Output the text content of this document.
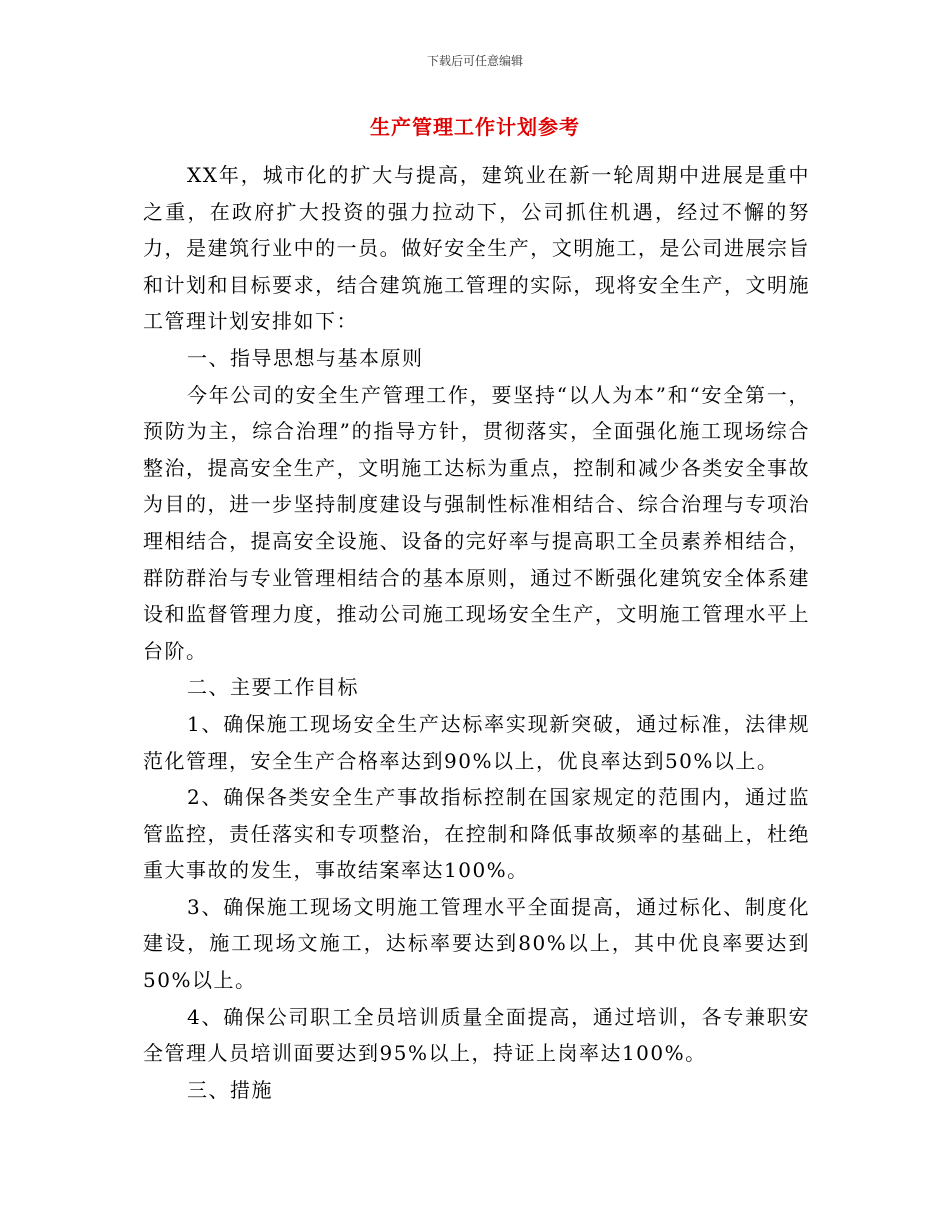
下载后可任意编辑
生产管理工作计划参考

XX年，城市化的扩大与提高，建筑业在新一轮周期中进展是重中之重，在政府扩大投资的强力拉动下，公司抓住机遇，经过不懈的努力，是建筑行业中的一员。做好安全生产，文明施工，是公司进展宗旨和计划和目标要求，结合建筑施工管理的实际，现将安全生产，文明施工管理计划安排如下：

一、指导思想与基本原则

今年公司的安全生产管理工作，要坚持“以人为本”和“安全第一，预防为主，综合治理”的指导方针，贯彻落实，全面强化施工现场综合整治，提高安全生产，文明施工达标为重点，控制和减少各类安全事故为目的，进一步坚持制度建设与强制性标准相结合、综合治理与专项治理相结合，提高安全设施、设备的完好率与提高职工全员素养相结合，群防群治与专业管理相结合的基本原则，通过不断强化建筑安全体系建设和监督管理力度，推动公司施工现场安全生产，文明施工管理水平上台阶。

二、主要工作目标

1、确保施工现场安全生产达标率实现新突破，通过标准，法律规范化管理，安全生产合格率达到90%以上，优良率达到50%以上。

2、确保各类安全生产事故指标控制在国家规定的范围内，通过监管监控，责任落实和专项整治，在控制和降低事故频率的基础上，杜绝重大事故的发生，事故结案率达100%。

3、确保施工现场文明施工管理水平全面提高，通过标化、制度化建设，施工现场文施工，达标率要达到80%以上，其中优良率要达到50%以上。

4、确保公司职工全员培训质量全面提高，通过培训，各专兼职安全管理人员培训面要达到95%以上，持证上岗率达100%。

三、措施
